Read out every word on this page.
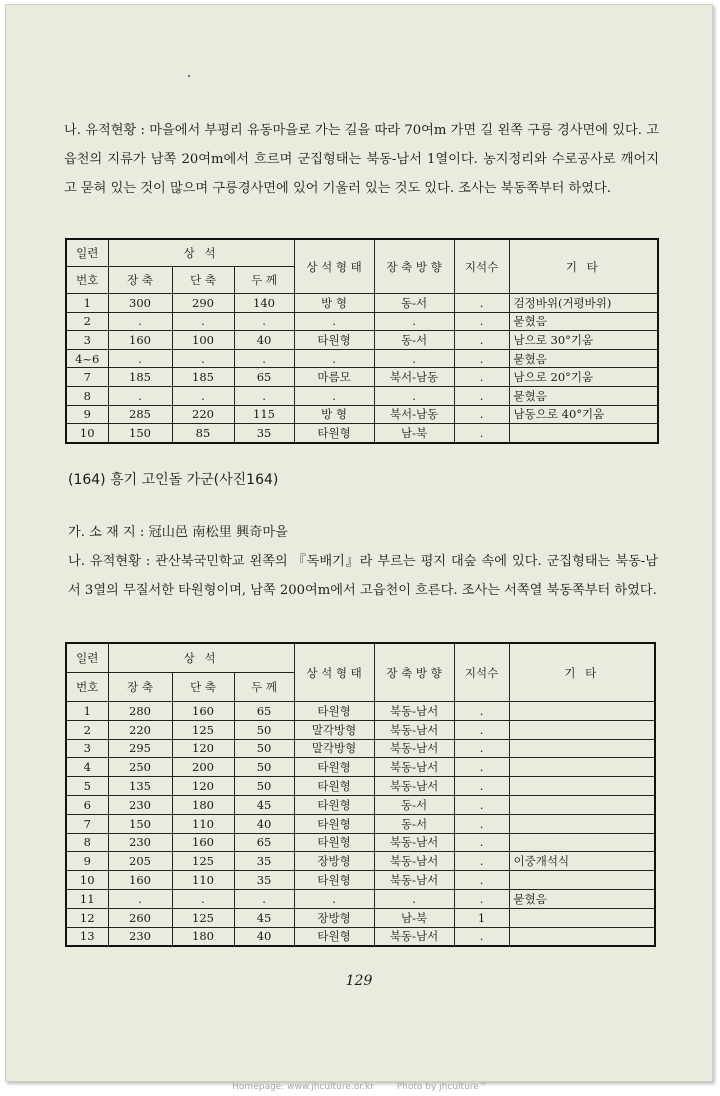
나. 유적현황 : 마을에서 부평리 유동마을로 가는 길을 따라 70여m 가면 길 왼쪽 구릉 경사면에 있다. 고읍천의 지류가 남쪽 20여m에서 흐르며 군집형태는 북동-남서 1열이다. 농지정리와 수로공사로 깨어지고 묻혀 있는 것이 많으며 구릉경사면에 있어 기울러 있는 것도 있다. 조사는 북동쪽부터 하였다.
일련	상 석			상 석 형 태	장 축 방 향	지석수	기 타
번호	장 축	단 축	두 께				
1	300	290	140	방 형	동-서	.	검정바위(거평바위)
2	.	.	.	.	.	.	묻혔음
3	160	100	40	타원형	동-서	.	남으로 30°기움
4~6	.	.	.	.	.	.	묻혔음
7	185	185	65	마름모	북서-남동	.	남으로 20°기움
8	.	.	.	.	.	.	묻혔음
9	285	220	115	방 형	북서-남동	.	남동으로 40°기움
10	150	85	35	타원형	남-북	.	
(164) 흥기 고인돌 가군(사진164)
가. 소 재 지 : 冠山邑 南松里 興奇마을
나. 유적현황 : 관산북국민학교 왼쪽의 『독배기』라 부르는 평지 대숲 속에 있다. 군집형태는 북동-남서 3열의 무질서한 타원형이며, 남쪽 200여m에서 고읍천이 흐른다. 조사는 서쪽열 북동쪽부터 하였다.
일련	상 석			상 석 형 태	장 축 방 향	지석수	기 타
번호	장 축	단 축	두 께				
1	280	160	65	타원형	북동-남서	.	
2	220	125	50	말각방형	북동-남서	.	
3	295	120	50	말각방형	북동-남서	.	
4	250	200	50	타원형	북동-남서	.	
5	135	120	50	타원형	북동-남서	.	
6	230	180	45	타원형	동-서	.	
7	150	110	40	타원형	동-서	.	
8	230	160	65	타원형	북동-남서	.	
9	205	125	35	장방형	북동-남서	.	이중개석식
10	160	110	35	타원형	북동-남서	.	
11	.	.	.	.	.	.	묻혔음
12	260	125	45	장방형	남-북	1	
13	230	180	40	타원형	북동-남서	.	
129
Homepage: www.jhculture.or.kr	Photo by jhculture™
